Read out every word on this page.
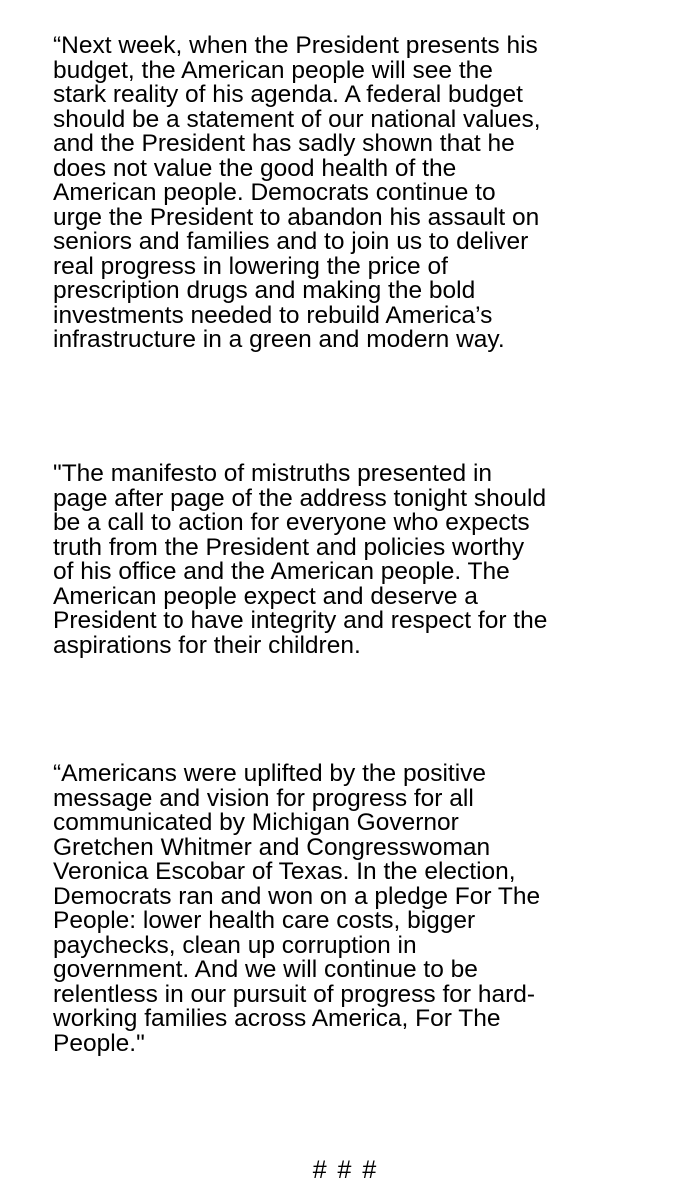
“Next week, when the President presents his
budget, the American people will see the
stark reality of his agenda. A federal budget
should be a statement of our national values,
and the President has sadly shown that he
does not value the good health of the
American people. Democrats continue to
urge the President to abandon his assault on
seniors and families and to join us to deliver
real progress in lowering the price of
prescription drugs and making the bold
investments needed to rebuild America’s
infrastructure in a green and modern way.

"The manifesto of mistruths presented in
page after page of the address tonight should
be a call to action for everyone who expects
truth from the President and policies worthy
of his office and the American people. The
American people expect and deserve a
President to have integrity and respect for the
aspirations for their children.

“Americans were uplifted by the positive
message and vision for progress for all
communicated by Michigan Governor
Gretchen Whitmer and Congresswoman
Veronica Escobar of Texas. In the election,
Democrats ran and won on a pledge For The
People: lower health care costs, bigger
paychecks, clean up corruption in
government. And we will continue to be
relentless in our pursuit of progress for hard-
working families across America, For The
People."

# # #
